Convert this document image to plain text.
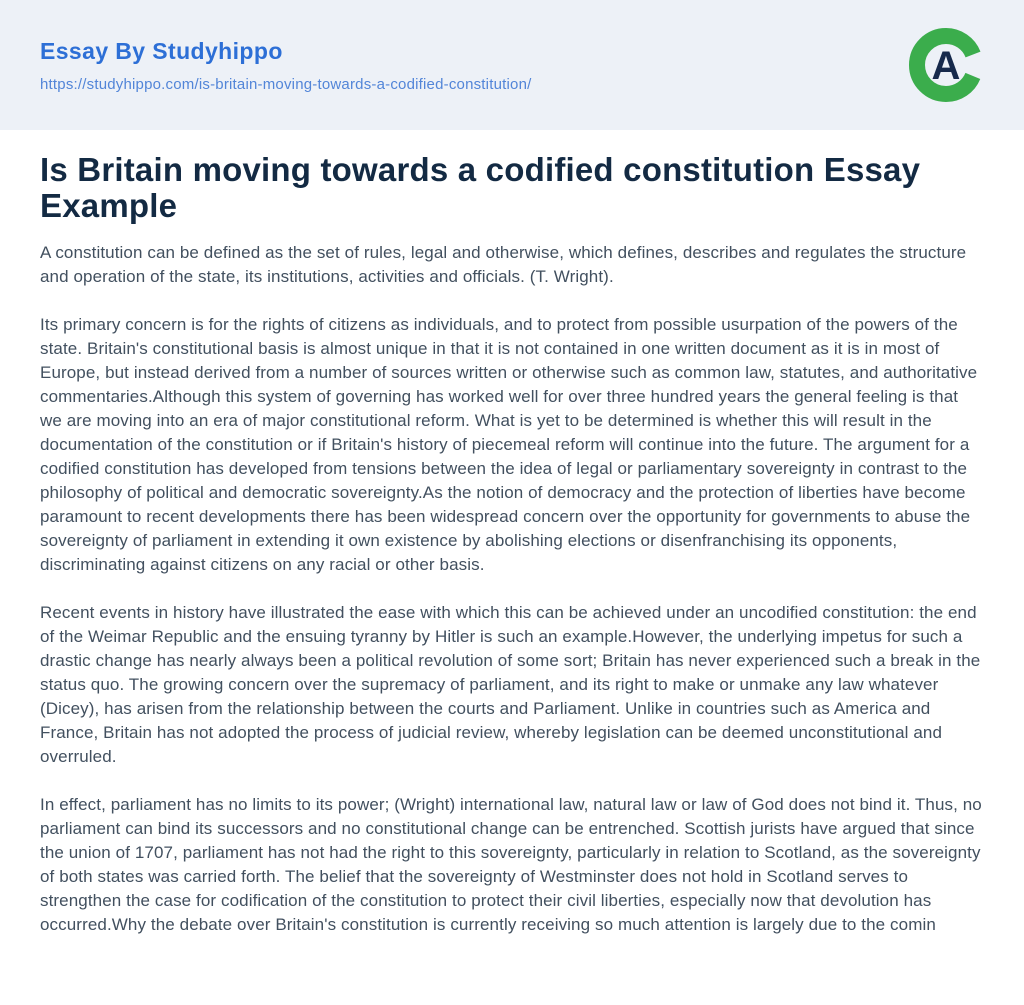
Essay By Studyhippo
https://studyhippo.com/is-britain-moving-towards-a-codified-constitution/	A
Is Britain moving towards a codified constitution Essay Example

A constitution can be defined as the set of rules, legal and otherwise, which defines, describes and regulates the structure and operation of the state, its institutions, activities and officials. (T. Wright).

Its primary concern is for the rights of citizens as individuals, and to protect from possible usurpation of the powers of the state. Britain's constitutional basis is almost unique in that it is not contained in one written document as it is in most of Europe, but instead derived from a number of sources written or otherwise such as common law, statutes, and authoritative commentaries.Although this system of governing has worked well for over three hundred years the general feeling is that we are moving into an era of major constitutional reform. What is yet to be determined is whether this will result in the documentation of the constitution or if Britain's history of piecemeal reform will continue into the future. The argument for a codified constitution has developed from tensions between the idea of legal or parliamentary sovereignty in contrast to the philosophy of political and democratic sovereignty.As the notion of democracy and the protection of liberties have become paramount to recent developments there has been widespread concern over the opportunity for governments to abuse the sovereignty of parliament in extending it own existence by abolishing elections or disenfranchising its opponents, discriminating against citizens on any racial or other basis.

Recent events in history have illustrated the ease with which this can be achieved under an uncodified constitution: the end of the Weimar Republic and the ensuing tyranny by Hitler is such an example.However, the underlying impetus for such a drastic change has nearly always been a political revolution of some sort; Britain has never experienced such a break in the status quo. The growing concern over the supremacy of parliament, and its right to make or unmake any law whatever (Dicey), has arisen from the relationship between the courts and Parliament. Unlike in countries such as America and France, Britain has not adopted the process of judicial review, whereby legislation can be deemed unconstitutional and overruled.

In effect, parliament has no limits to its power; (Wright) international law, natural law or law of God does not bind it. Thus, no parliament can bind its successors and no constitutional change can be entrenched. Scottish jurists have argued that since the union of 1707, parliament has not had the right to this sovereignty, particularly in relation to Scotland, as the sovereignty of both states was carried forth. The belief that the sovereignty of Westminster does not hold in Scotland serves to strengthen the case for codification of the constitution to protect their civil liberties, especially now that devolution has occurred.Why the debate over Britain's constitution is currently receiving so much attention is largely due to the comin
